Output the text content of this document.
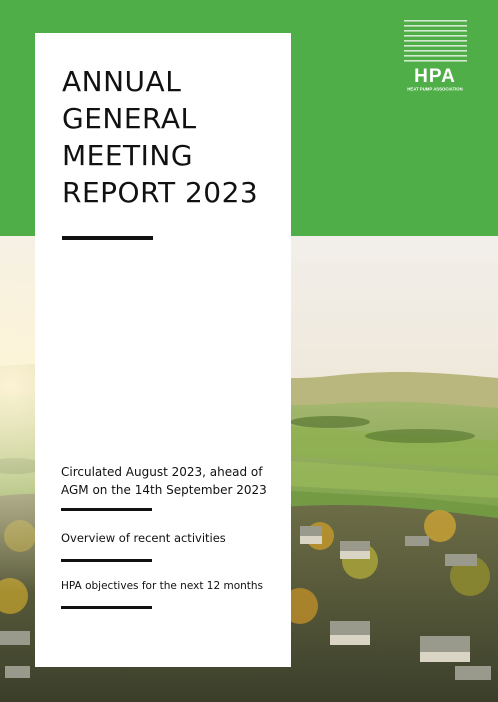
HPA
HEAT PUMP ASSOCIATION
ANNUAL
GENERAL
MEETING
REPORT 2023

Circulated August 2023, ahead of
AGM on the 14th September 2023

Overview of recent activities

HPA objectives for the next 12 months
